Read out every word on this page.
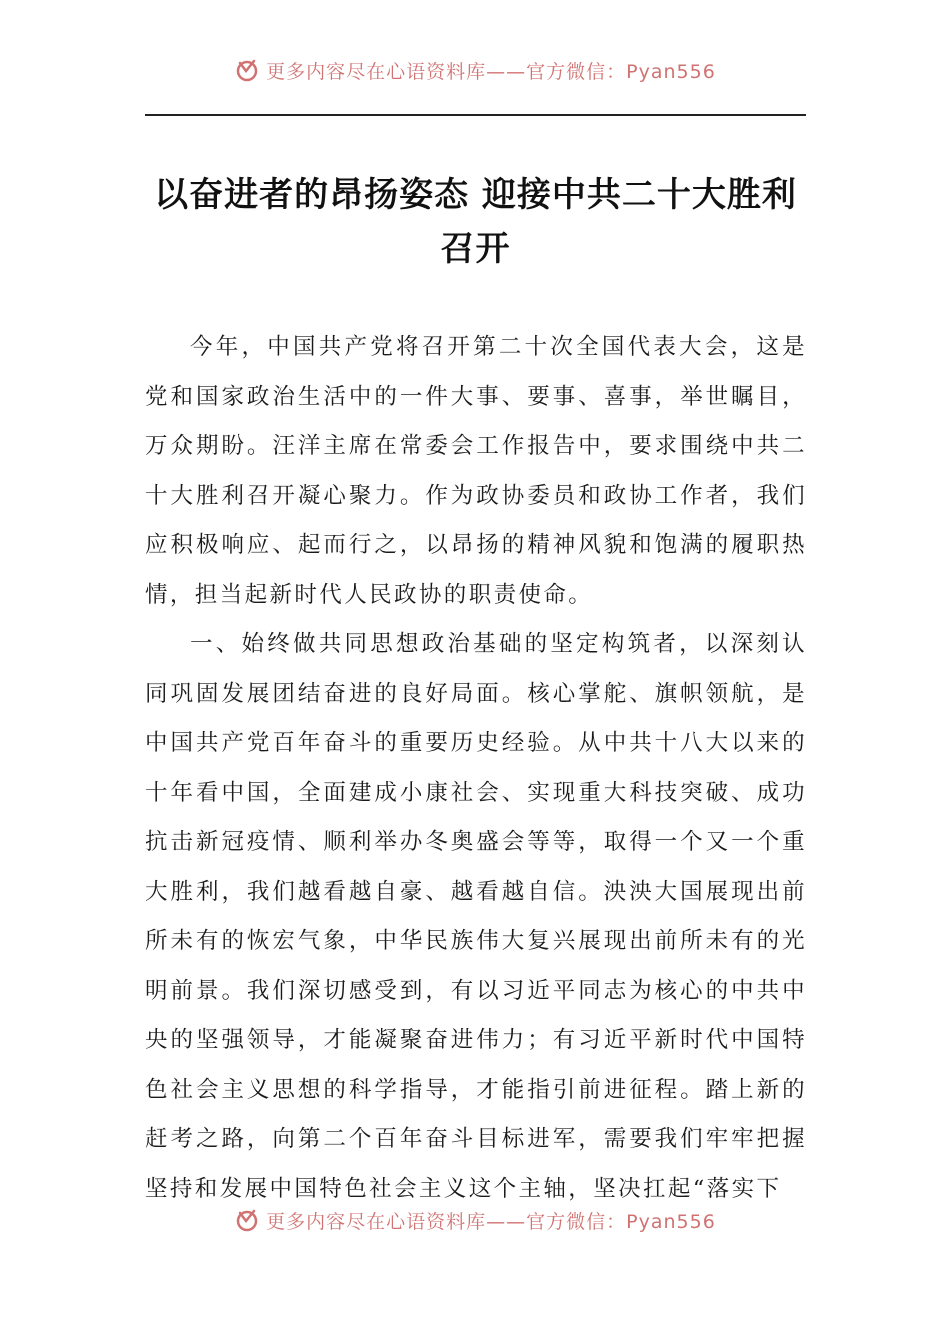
更多内容尽在心语资料库——官方微信：Pyan556
以奋进者的昂扬姿态 迎接中共二十大胜利召开

今年，中国共产党将召开第二十次全国代表大会，这是党和国家政治生活中的一件大事、要事、喜事，举世瞩目，万众期盼。汪洋主席在常委会工作报告中，要求围绕中共二十大胜利召开凝心聚力。作为政协委员和政协工作者，我们应积极响应、起而行之，以昂扬的精神风貌和饱满的履职热情，担当起新时代人民政协的职责使命。

一、始终做共同思想政治基础的坚定构筑者，以深刻认同巩固发展团结奋进的良好局面。核心掌舵、旗帜领航，是中国共产党百年奋斗的重要历史经验。从中共十八大以来的十年看中国，全面建成小康社会、实现重大科技突破、成功抗击新冠疫情、顺利举办冬奥盛会等等，取得一个又一个重大胜利，我们越看越自豪、越看越自信。泱泱大国展现出前所未有的恢宏气象，中华民族伟大复兴展现出前所未有的光明前景。我们深切感受到，有以习近平同志为核心的中共中央的坚强领导，才能凝聚奋进伟力；有习近平新时代中国特色社会主义思想的科学指导，才能指引前进征程。踏上新的赶考之路，向第二个百年奋斗目标进军，需要我们牢牢把握坚持和发展中国特色社会主义这个主轴，坚决扛起“落实下

更多内容尽在心语资料库——官方微信：Pyan556
